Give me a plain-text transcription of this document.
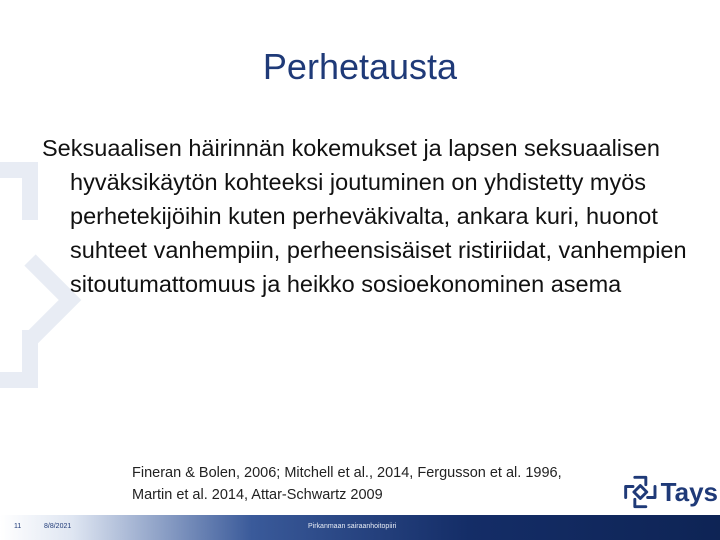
Perhetausta
Seksuaalisen häirinnän kokemukset ja lapsen seksuaalisen hyväksikäytön kohteeksi joutuminen on yhdistetty myös perhetekijöihin kuten perheväkivalta, ankara kuri, huonot suhteet vanhempiin, perheensisäiset ristiriidat, vanhempien sitoutumattomuus ja heikko sosioekonominen asema
Fineran & Bolen, 2006; Mitchell et al., 2014, Fergusson et al. 1996,
Martin et al. 2014, Attar-Schwartz 2009	Tays
11	8/8/2021	Pirkanmaan sairaanhoitopiiri
